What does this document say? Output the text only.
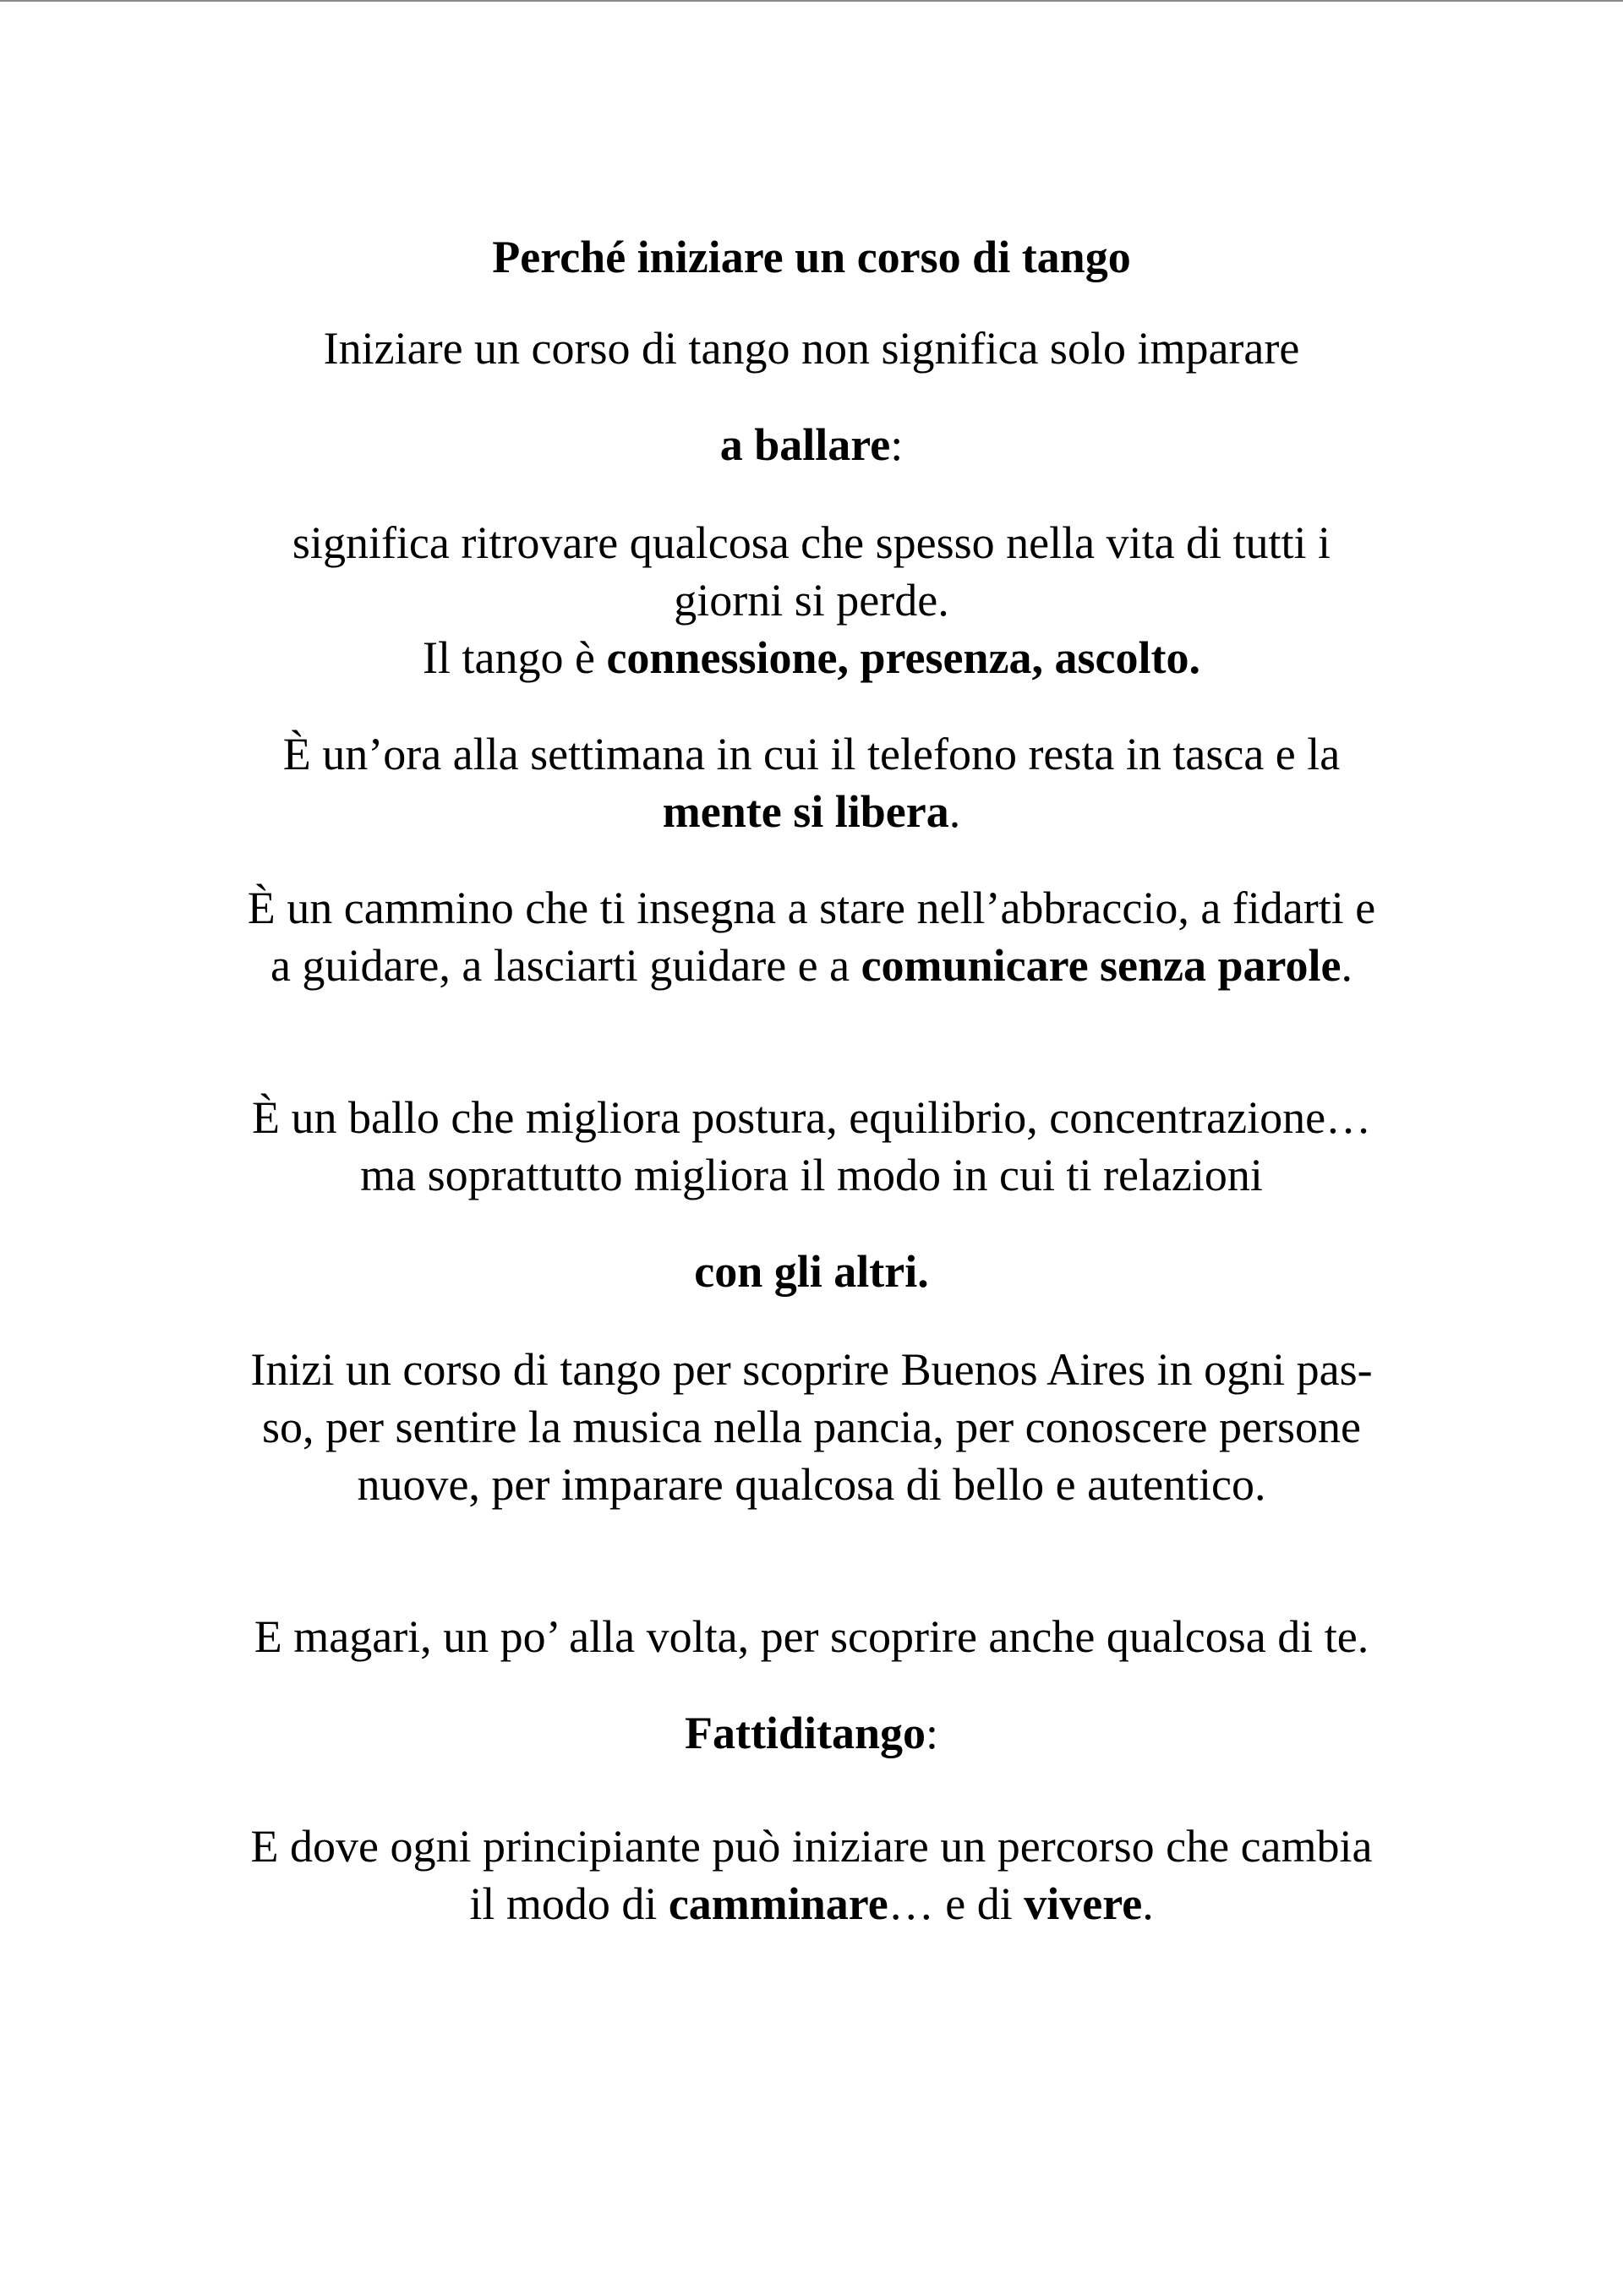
Perché iniziare un corso di tango

Iniziare un corso di tango non significa solo imparare

a ballare:

significa ritrovare qualcosa che spesso nella vita di tutti i
giorni si perde.
Il tango è connessione, presenza, ascolto.

È un’ora alla settimana in cui il telefono resta in tasca e la
mente si libera.

È un cammino che ti insegna a stare nell’abbraccio, a fidarti e
a guidare, a lasciarti guidare e a comunicare senza parole.

È un ballo che migliora postura, equilibrio, concentrazione…
ma soprattutto migliora il modo in cui ti relazioni

con gli altri.

Inizi un corso di tango per scoprire Buenos Aires in ogni pas-
so, per sentire la musica nella pancia, per conoscere persone
nuove, per imparare qualcosa di bello e autentico.

E magari, un po’ alla volta, per scoprire anche qualcosa di te.

Fattiditango:

E dove ogni principiante può iniziare un percorso che cambia
il modo di camminare… e di vivere.
